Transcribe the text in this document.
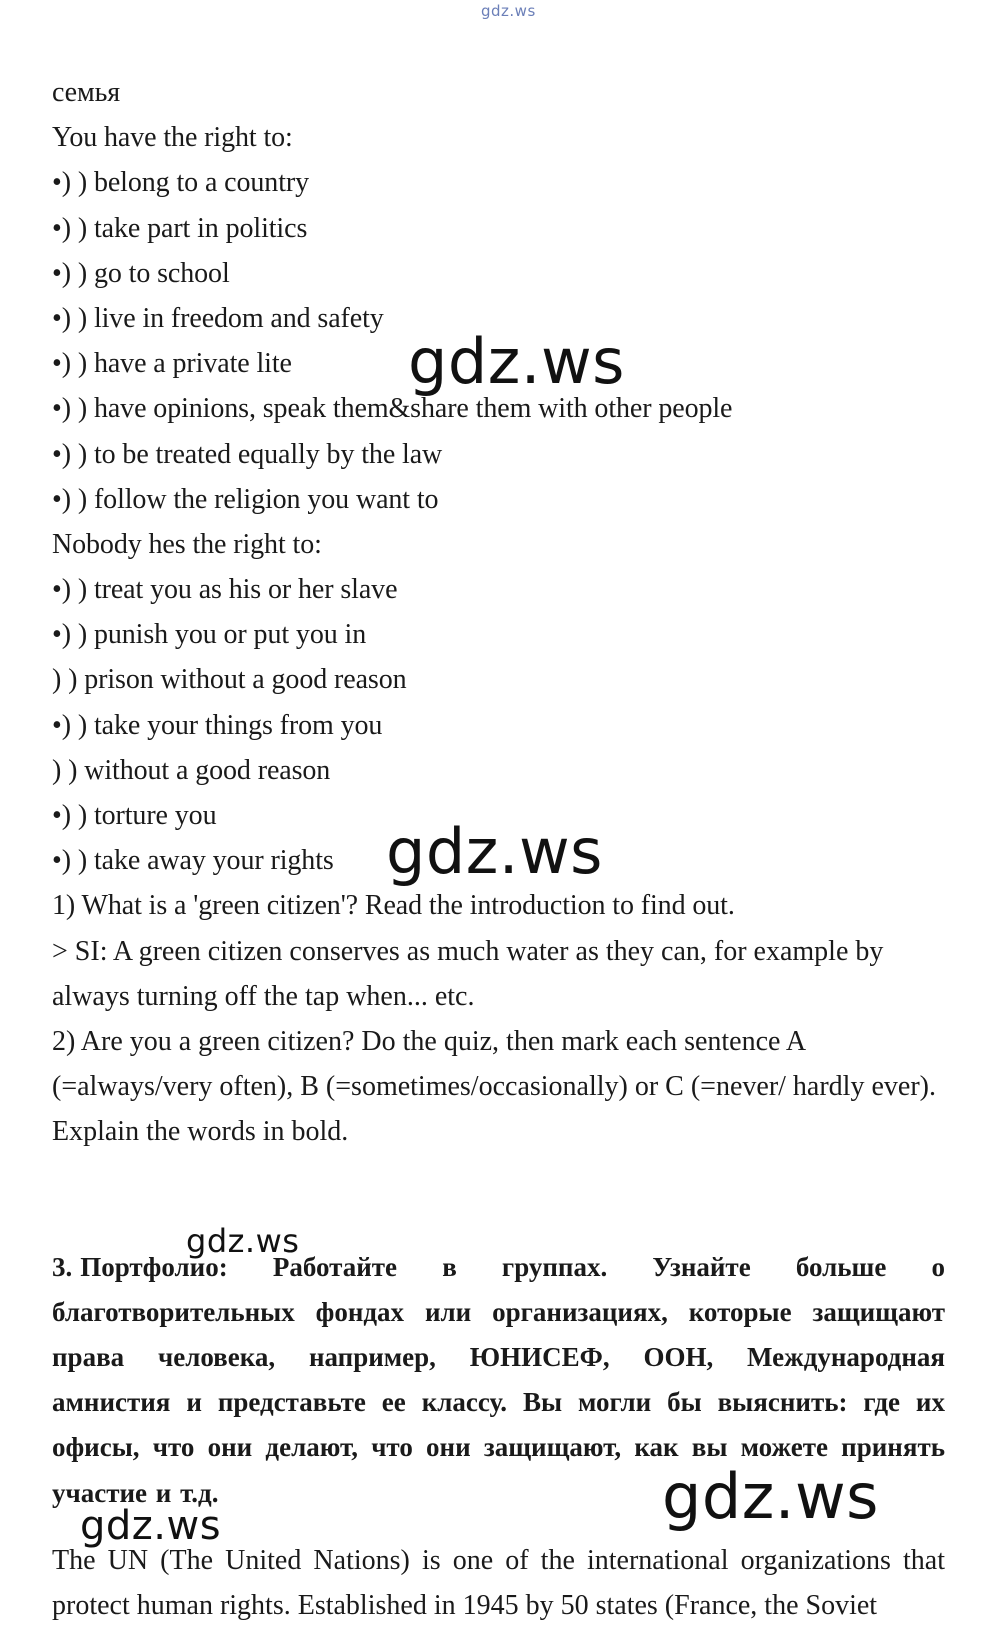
gdz.ws
семья
You have the right to:
•) ) belong to a country
•) ) take part in politics
•) ) go to school
•) ) live in freedom and safety
•) ) have a private lite
•) ) have opinions, speak them&share them with other people
•) ) to be treated equally by the law
•) ) follow the religion you want to
Nobody hes the right to:
•) ) treat you as his or her slave
•) ) punish you or put you in
) ) prison without a good reason
•) ) take your things from you
) ) without a good reason
•) ) torture you
•) ) take away your rights
1) What is a 'green citizen'? Read the introduction to find out.
> SI: A green citizen conserves as much water as they can, for example by always turning off the tap when... etc.
2) Are you a green citizen? Do the quiz, then mark each sentence A (=always/very often), B (=sometimes/occasionally) or C (=never/ hardly ever). Explain the words in bold.
3. Портфолио: Работайте в группах. Узнайте больше о благотворительных фондах или организациях, которые защищают права человека, например, ЮНИСЕФ, ООН, Международная амнистия и представьте ее классу. Вы могли бы выяснить: где их офисы, что они делают, что они защищают, как вы можете принять участие и т.д.
The UN (The United Nations) is one of the international organizations that protect human rights. Established in 1945 by 50 states (France, the Soviet
gdz.ws
gdz.ws
gdz.ws
gdz.ws
gdz.ws
